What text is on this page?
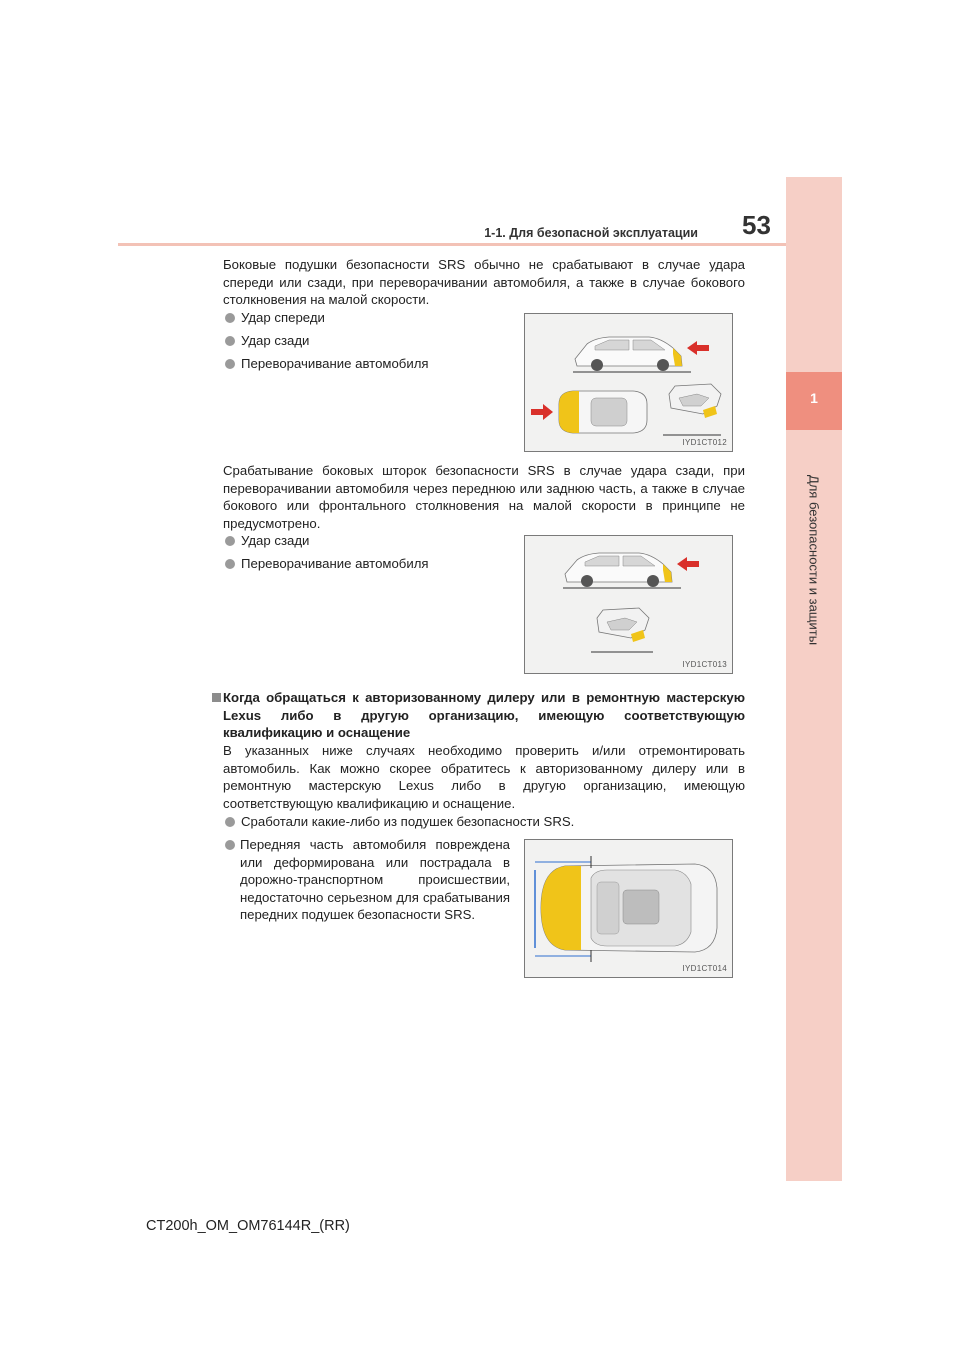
1
Для безопасности и защиты
1-1. Для безопасной эксплуатации 53

Боковые подушки безопасности SRS обычно не срабатывают в случае удара спереди или сзади, при переворачивании автомобиля, а также в случае бокового столкновения на малой скорости.

Удар спереди

Удар сзади

Переворачивание автомобиля

IYD1CT012

Срабатывание боковых шторок безопасности SRS в случае удара сзади, при переворачивании автомобиля через переднюю или заднюю часть, а также в случае бокового или фронтального столкновения на малой скорости в принципе не предусмотрено.

Удар сзади

Переворачивание автомобиля

IYD1CT013
Когда обращаться к авторизованному дилеру или в ремонтную мастерскую Lexus либо в другую организацию, имеющую соответствующую квалификацию и оснащение

В указанных ниже случаях необходимо проверить и/или отремонтировать автомобиль. Как можно скорее обратитесь к авторизованному дилеру или в ремонтную мастерскую Lexus либо в другую организацию, имеющую соответствующую квалификацию и оснащение.

Сработали какие-либо из подушек безопасности SRS.

Передняя часть автомобиля повреждена или деформирована или пострадала в дорожно-транспортном происшествии, недостаточно серьезном для срабатывания передних подушек безопасности SRS.
IYD1CT014
CT200h_OM_OM76144R_(RR)
